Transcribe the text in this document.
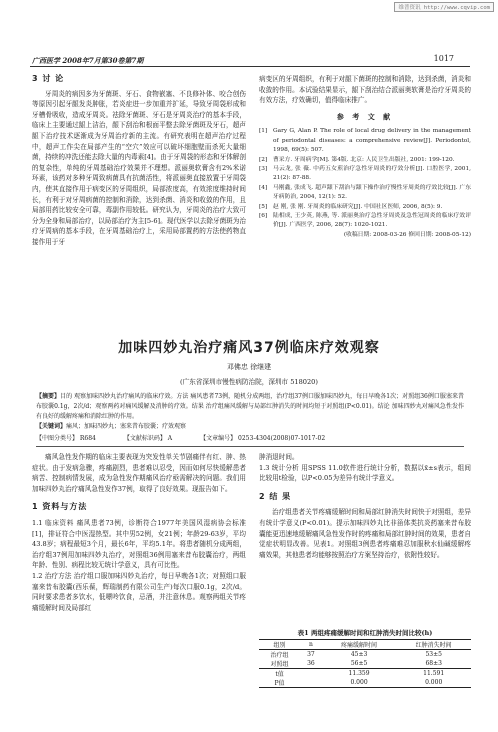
维普资讯 http://www.cqvip.com
广西医学 2008年7月第30卷第7期	1017
3 讨 论
牙周炎的病因多为牙菌斑、牙石、食物嵌塞、不良修补体、咬合创伤等原因引起牙龈发炎肿胀，若炎症进一步加重并扩延，导致牙周袋形成和牙槽骨吸收，造成牙周炎。祛除牙菌斑、牙石是牙周炎治疗的基本手段，临床上主要通过龈上洁治，龈下刮治和根面平整去除牙菌斑及牙石，超声龈下治疗技术逐渐成为牙周治疗新的主流。有研究表明在超声治疗过程中，超声工作尖在局部产生的“空穴”效应可以破坏细胞壁而杀死大量细菌，持续的冲洗还能去除大量的内毒素[4]。由于牙周袋的形态和牙体解剖的复杂性，单纯的牙周基础治疗效果并不理想。派丽奥软膏含有2%米诺环素，该药对多种牙周致病菌具有抗菌活性，将派丽奥直接放置于牙周袋内，使其直接作用于病变区的牙周组织，局部浓度高，有效浓度维持时间长，有利于对牙周病菌的控制和消除，达到杀菌、消炎和收敛的作用，且局部用药比较安全可靠，毒副作用较低。研究认为，牙周炎的治疗大致可分为全身和局部治疗，以局部治疗为主[5-6]。现代医学以去除牙菌斑为治疗牙周病的基本手段，在牙周基础治疗上，采用局部置药的方法使药物直接作用于牙
病变区的牙周组织，有利于对龈下菌斑的控制和消除，达到杀菌，消炎和收敛的作用。本试验结果显示，龈下刮治结合派丽奥软膏是治疗牙周炎的有效方法，疗效确切，值得临床推广。
参 考 文 献
[1] Gary G, Alan P. The role of local drug delivery in the management of periodontal diseases: a comprehensive review[J]. Periodontol, 1998, 69(5): 507.
[2] 曹采方. 牙周病学[M]. 第4版. 北京: 人民卫生出版社, 2001: 199-120.
[3] 马云龙, 张 薇. 中药五女煎治疗急性牙周炎的疗效分析[J]. 口腔医学, 2001, 21(2): 87-88.
[4] 马刚鑫, 张成飞. 超声龈下刮治与龈下操作治疗慢性牙周炎的疗效比较[J]. 广东牙病防治, 2004, 12(1): 52.
[5] 赵 刚, 张 刚. 牙周炎的临床研究[J]. 中国社区医师, 2006, 8(5): 9.
[6] 陆相成, 王少英, 陈燕, 等. 派丽奥治疗急性牙周炎及急性冠周炎的临床疗效评价[J]. 广西医学, 2006, 28(7): 1020-1021.
(收稿日期: 2008-03-26 修回日期: 2008-05-12)
加味四妙丸治疗痛风37例临床疗效观察
邓佛忠 徐继建
(广东省深圳市慢性病防治院，深圳市 518020)
【摘要】目的 观察加味四妙丸治疗痛风的临床疗效。方法 痛风患者73例，随机分成两组，治疗组37例口服加味四妙丸，每日早晚各1次；对照组36例口服塞来昔布胶囊0.1g，2次/d；观察两药对痛风缓解及消肿的疗效。结果 治疗组痛风缓解与局部红肿消失的时间均短于对照组(P<0.01)。结论 加味四妙丸对痛风急性发作有良好的缓解疼痛和消除红肿的作用。
【关键词】痛风；加味四妙丸；塞来昔布胶囊；疗效观察
【中图分类号】 R684	【文献标识码】 A	【文章编号】 0253-4304(2008)07-1017-02
痛风急性发作期的临床主要表现为突发性单关节剧痛伴有红、肿、热症状。由于发病急骤，疼痛剧烈，患者难以忍受，因而如何尽快缓解患者病苦、控制病情发展，成为急性发作期痛风治疗亟需解决的问题。我们用加味四妙丸治疗痛风急性发作37例，取得了良好效果。现报告如下。
1 资料与方法
1.1 临床资料 痛风患者73例，诊断符合1977年美国风湿病协会标准[1]，排证符合中医湿热型。其中男52例，女21例；年龄29-63岁，平均43.8岁；病程最短3个月，最长6年，平均5.1年。将患者随机分成两组，治疗组37例用加味四妙丸治疗，对照组36例用塞来昔布胶囊治疗，两组年龄、性别、病程比较无统计学意义，具有可比性。
1.2 治疗方法 治疗组口服加味四妙丸治疗，每日早晚各1次；对照组口服塞来昔布胶囊(西乐葆，辉瑞制药有限公司生产)每次口服0.1g，2次/d。同时要求患者多饮水，低嘌呤饮食，忌酒，并注意休息。观察两组关节疼痛缓解时间及局部红
肿消退时间。
1.3 统计分析 用SPSS 11.0软件进行统计分析，数据以x̄±s表示，组间比较用t检验，以P<0.05为差异有统计学意义。
2 结 果
治疗组患者关节疼痛缓解时间和局部红肿消失时间快于对照组，差异有统计学意义(P<0.01)。提示加味四妙丸比非甾体类抗炎药塞来昔布胶囊能更迅速地缓解痛风急性发作时的疼痛和局部红肿时间的效果，患者自觉症状明显改善。见表1。对照组3例患者疼痛难忍加服秋水仙碱缓解疼痛效果，其他患者均能够按照治疗方案坚持治疗，依附性较好。
表1 两组疼痛缓解时间和红肿消失时间比较(h)
组别	n	疼痛缓解时间	红肿消失时间
治疗组	37	45±3	53±5
对照组	36	56±5	68±3
t值		11.359	11.591
P值		0.000	0.000
